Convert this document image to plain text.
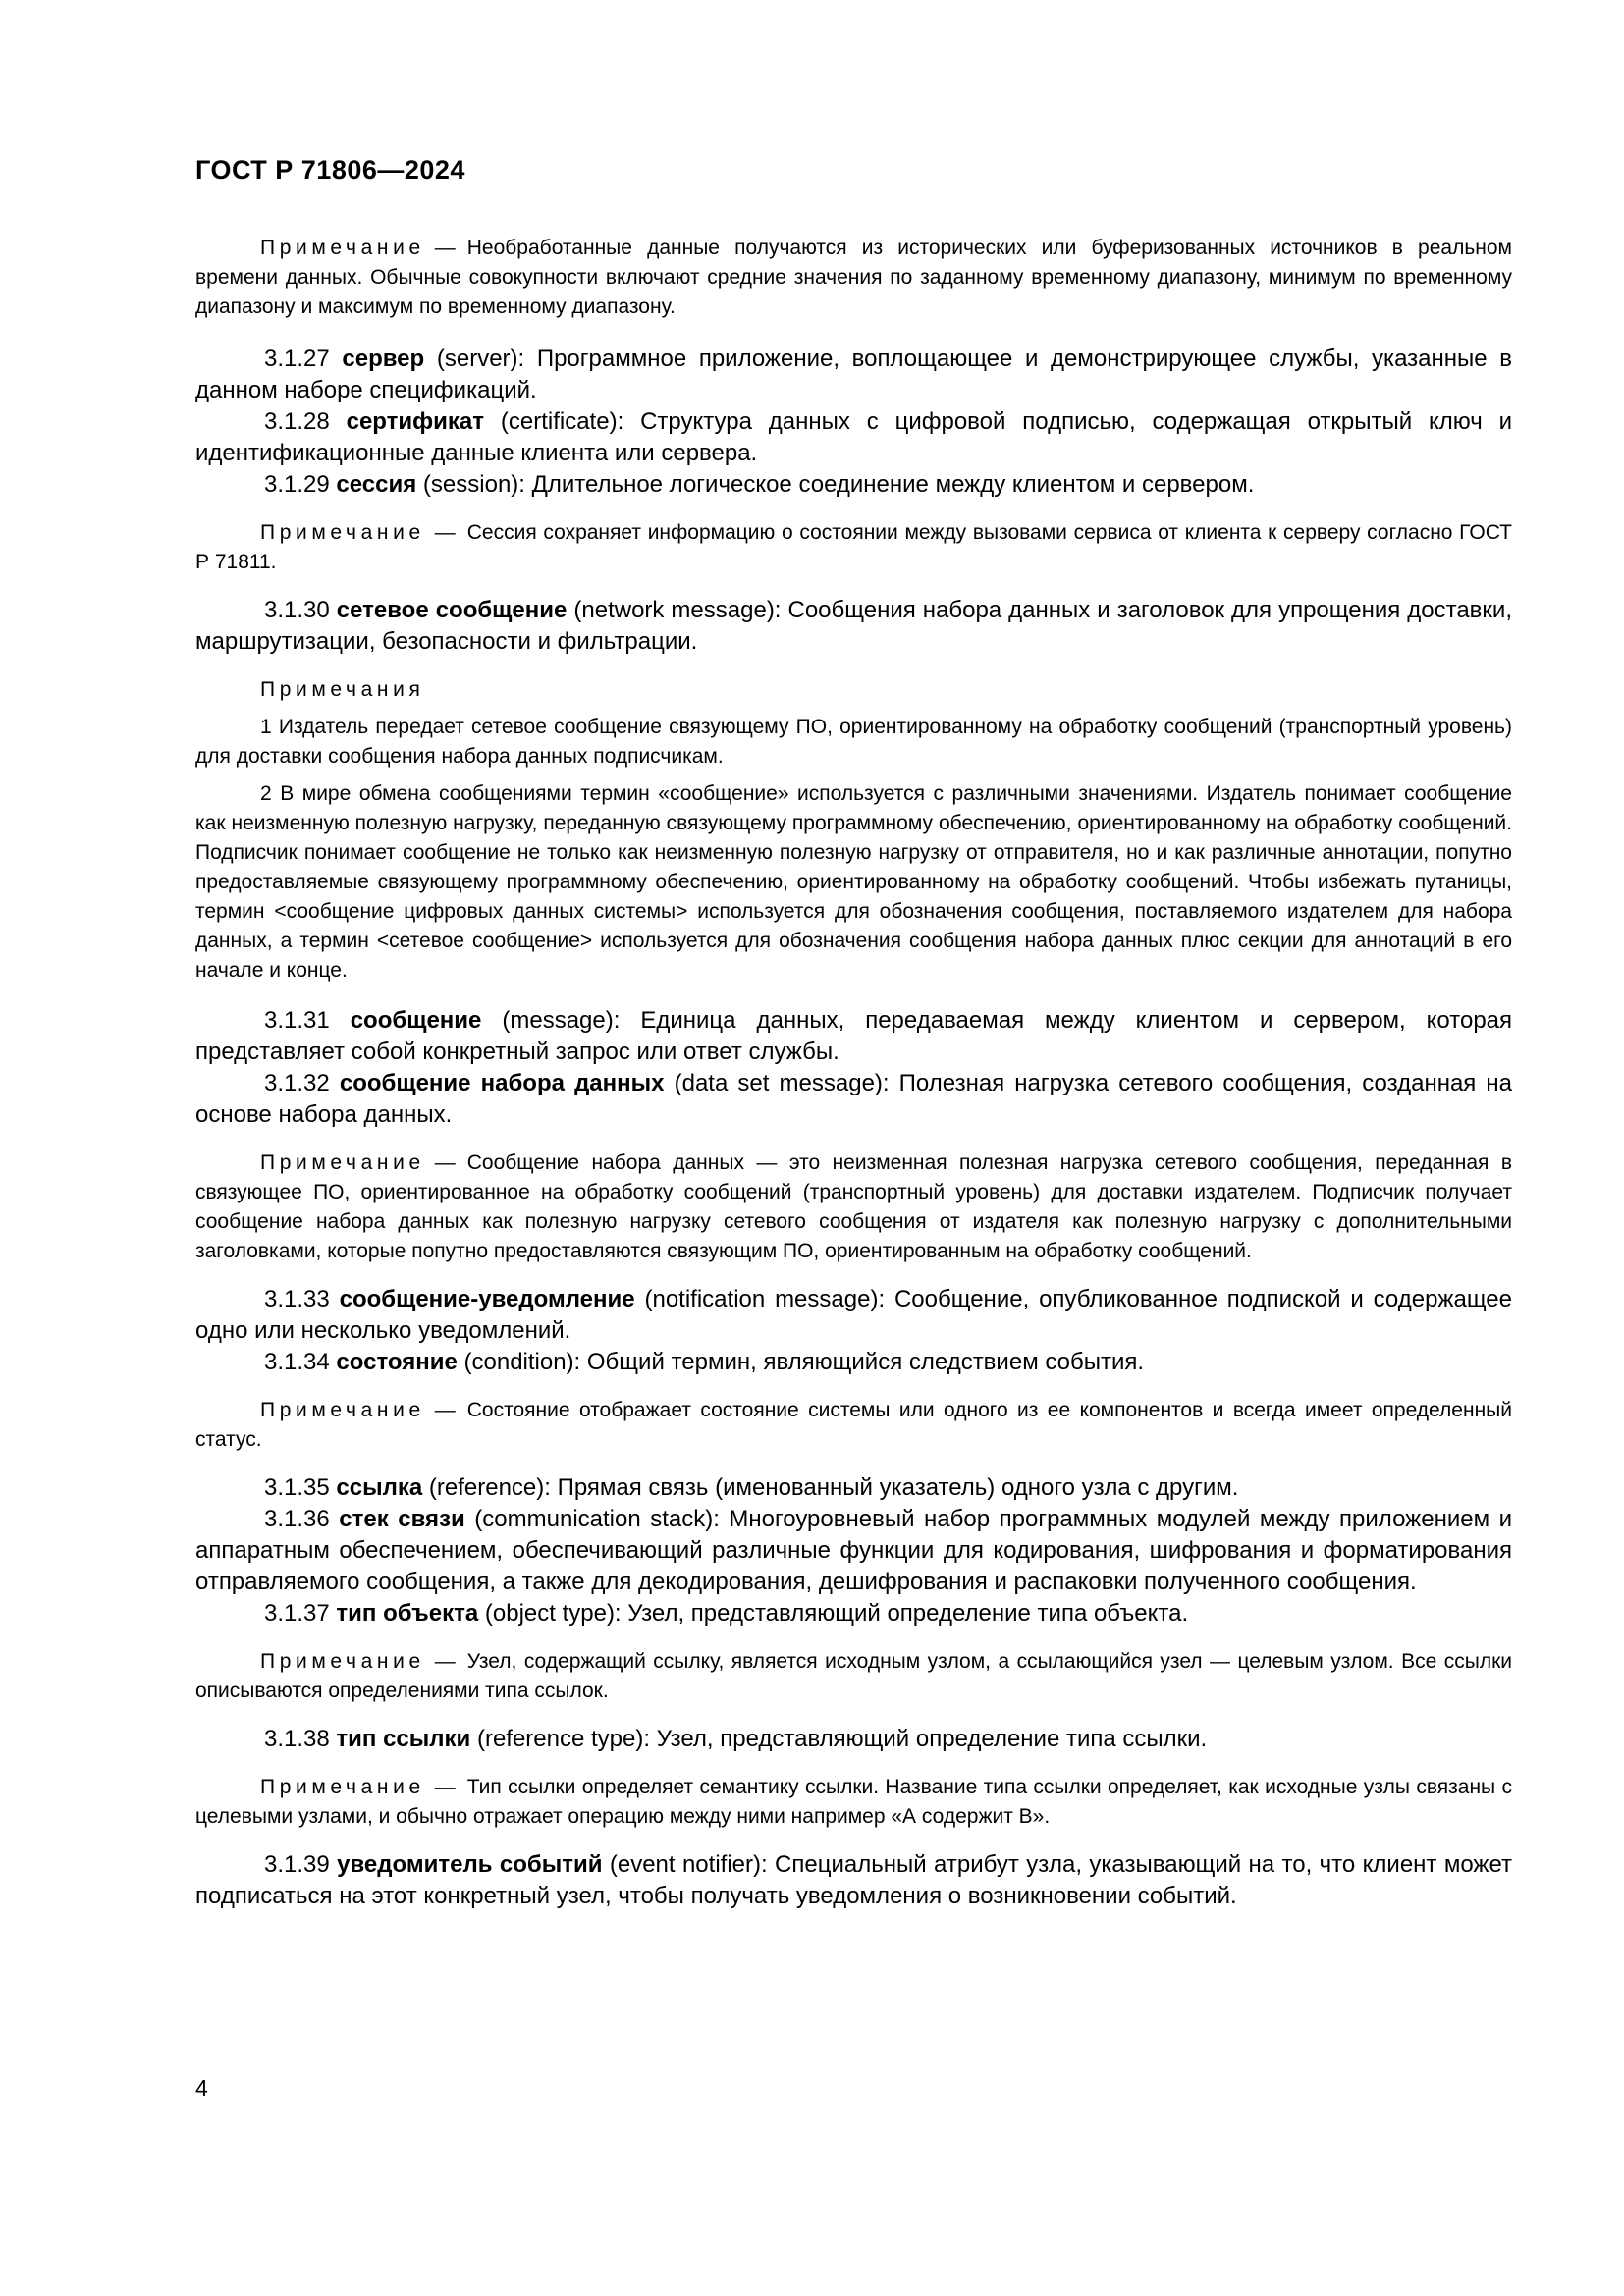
ГОСТ Р 71806—2024

Примечание — Необработанные данные получаются из исторических или буферизованных источников в реальном времени данных. Обычные совокупности включают средние значения по заданному временному диапазону, минимум по временному диапазону и максимум по временному диапазону.

3.1.27 сервер (server): Программное приложение, воплощающее и демонстрирующее службы, указанные в данном наборе спецификаций.

3.1.28 сертификат (certificate): Структура данных с цифровой подписью, содержащая открытый ключ и идентификационные данные клиента или сервера.

3.1.29 сессия (session): Длительное логическое соединение между клиентом и сервером.

Примечание — Сессия сохраняет информацию о состоянии между вызовами сервиса от клиента к серверу согласно ГОСТ Р 71811.

3.1.30 сетевое сообщение (network message): Сообщения набора данных и заголовок для упрощения доставки, маршрутизации, безопасности и фильтрации.

Примечания

1 Издатель передает сетевое сообщение связующему ПО, ориентированному на обработку сообщений (транспортный уровень) для доставки сообщения набора данных подписчикам.

2 В мире обмена сообщениями термин «сообщение» используется с различными значениями. Издатель понимает сообщение как неизменную полезную нагрузку, переданную связующему программному обеспечению, ориентированному на обработку сообщений. Подписчик понимает сообщение не только как неизменную полезную нагрузку от отправителя, но и как различные аннотации, попутно предоставляемые связующему программному обеспечению, ориентированному на обработку сообщений. Чтобы избежать путаницы, термин <сообщение цифровых данных системы> используется для обозначения сообщения, поставляемого издателем для набора данных, а термин <сетевое сообщение> используется для обозначения сообщения набора данных плюс секции для аннотаций в его начале и конце.

3.1.31 сообщение (message): Единица данных, передаваемая между клиентом и сервером, которая представляет собой конкретный запрос или ответ службы.

3.1.32 сообщение набора данных (data set message): Полезная нагрузка сетевого сообщения, созданная на основе набора данных.

Примечание — Сообщение набора данных — это неизменная полезная нагрузка сетевого сообщения, переданная в связующее ПО, ориентированное на обработку сообщений (транспортный уровень) для доставки издателем. Подписчик получает сообщение набора данных как полезную нагрузку сетевого сообщения от издателя как полезную нагрузку с дополнительными заголовками, которые попутно предоставляются связующим ПО, ориентированным на обработку сообщений.

3.1.33 сообщение-уведомление (notification message): Сообщение, опубликованное подпиской и содержащее одно или несколько уведомлений.

3.1.34 состояние (condition): Общий термин, являющийся следствием события.

Примечание — Состояние отображает состояние системы или одного из ее компонентов и всегда имеет определенный статус.

3.1.35 ссылка (reference): Прямая связь (именованный указатель) одного узла с другим.

3.1.36 стек связи (communication stack): Многоуровневый набор программных модулей между приложением и аппаратным обеспечением, обеспечивающий различные функции для кодирования, шифрования и форматирования отправляемого сообщения, а также для декодирования, дешифрования и распаковки полученного сообщения.

3.1.37 тип объекта (object type): Узел, представляющий определение типа объекта.

Примечание — Узел, содержащий ссылку, является исходным узлом, а ссылающийся узел — целевым узлом. Все ссылки описываются определениями типа ссылок.

3.1.38 тип ссылки (reference type): Узел, представляющий определение типа ссылки.

Примечание — Тип ссылки определяет семантику ссылки. Название типа ссылки определяет, как исходные узлы связаны с целевыми узлами, и обычно отражает операцию между ними например «А содержит В».

3.1.39 уведомитель событий (event notifier): Специальный атрибут узла, указывающий на то, что клиент может подписаться на этот конкретный узел, чтобы получать уведомления о возникновении событий.

4
